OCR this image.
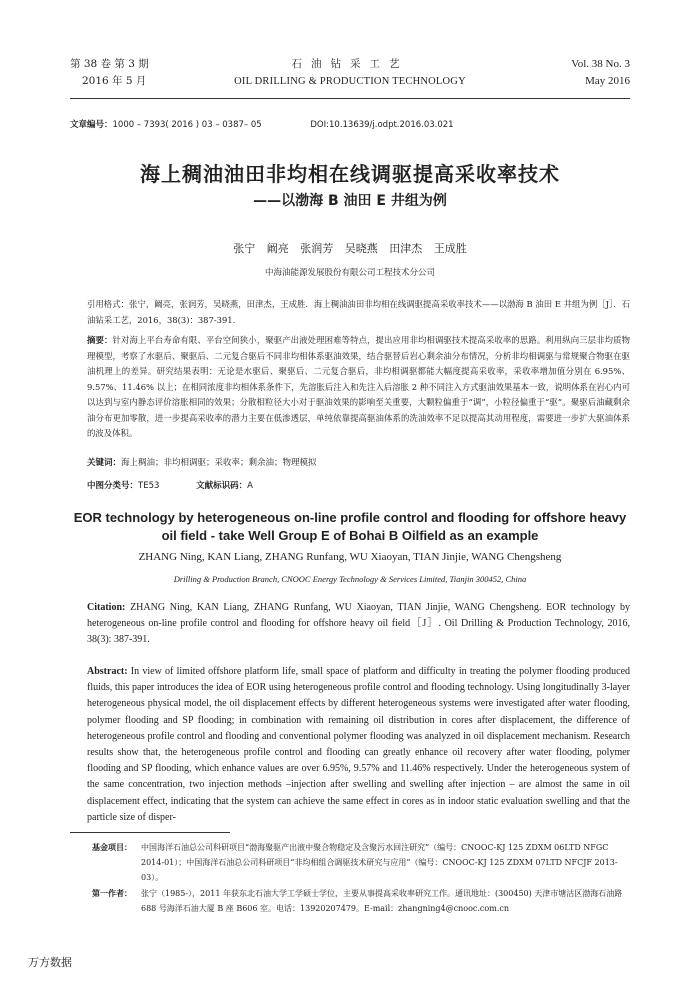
第 38 卷 第 3 期
2016 年 5 月
石油钻采工艺
OIL DRILLING & PRODUCTION TECHNOLOGY
Vol. 38 No. 3
May 2016
文章编号：1000 – 7393( 2016 ) 03 – 0387– 05	DOI:10.13639/j.odpt.2016.03.021
海上稠油油田非均相在线调驱提高采收率技术
——以渤海 B 油田 E 井组为例
张宁 阚亮 张润芳 吴晓燕 田津杰 王成胜
中海油能源发展股份有限公司工程技术分公司
引用格式：张宁，阚亮，张润芳，吴晓燕，田津杰，王成胜．海上稠油油田非均相在线调驱提高采收率技术——以渤海 B 油田 E 井组为例［J］．石油钻采工艺，2016，38(3)：387-391.
摘要：针对海上平台寿命有限、平台空间狭小，聚驱产出液处理困难等特点，提出应用非均相调驱技术提高采收率的思路。利用纵向三层非均质物理模型，考察了水驱后、聚驱后、二元复合驱后不同非均相体系驱油效果，结合驱替后岩心剩余油分布情况，分析非均相调驱与常规聚合物驱在驱油机理上的差异。研究结果表明：无论是水驱后、聚驱后、二元复合驱后，非均相调驱都能大幅度提高采收率，采收率增加值分别在 6.95%、9.57%、11.46% 以上；在相同浓度非均相体系条件下，先溶胀后注入和先注入后溶胀 2 种不同注入方式驱油效果基本一致，说明体系在岩心内可以达到与室内静态评价溶胀相同的效果；分散相粒径大小对于驱油效果的影响至关重要，大颗粒偏重于“调”，小粒径偏重于“驱”。聚驱后油藏剩余油分布更加零散，进一步提高采收率的潜力主要在低渗透层，单纯依靠提高驱油体系的洗油效率不足以提高其动用程度，需要进一步扩大驱油体系的波及体积。
关键词：海上稠油；非均相调驱；采收率；剩余油；物理模拟
中图分类号：TE53	文献标识码：A
EOR technology by heterogeneous on-line profile control and flooding for offshore heavy oil field - take Well Group E of Bohai B Oilfield as an example
ZHANG Ning, KAN Liang, ZHANG Runfang, WU Xiaoyan, TIAN Jinjie, WANG Chengsheng
Drilling & Production Branch, CNOOC Energy Technology & Services Limited, Tianjin 300452, China
Citation: ZHANG Ning, KAN Liang, ZHANG Runfang, WU Xiaoyan, TIAN Jinjie, WANG Chengsheng. EOR technology by heterogeneous on-line profile control and flooding for offshore heavy oil field［J］. Oil Drilling & Production Technology, 2016, 38(3): 387-391.
Abstract: In view of limited offshore platform life, small space of platform and difficulty in treating the polymer flooding produced fluids, this paper introduces the idea of EOR using heterogeneous profile control and flooding technology. Using longitudinally 3-layer heterogeneous physical model, the oil displacement effects by different heterogeneous systems were investigated after water flooding, polymer flooding and SP flooding; in combination with remaining oil distribution in cores after displacement, the difference of heterogeneous profile control and flooding and conventional polymer flooding was analyzed in oil displacement mechanism. Research results show that, the heterogeneous profile control and flooding can greatly enhance oil recovery after water flooding, polymer flooding and SP flooding, which enhance values are over 6.95%, 9.57% and 11.46% respectively. Under the heterogeneous system of the same concentration, two injection methods –injection after swelling and swelling after injection – are almost the same in oil displacement effect, indicating that the system can achieve the same effect in cores as in indoor static evaluation swelling and that the particle size of disper-
基金项目： 中国海洋石油总公司科研项目“渤海聚驱产出液中聚合物稳定及含聚污水回注研究”（编号：CNOOC-KJ 125 ZDXM 06LTD NFGC 2014-01）；中国海洋石油总公司科研项目“非均相组合调驱技术研究与应用”（编号：CNOOC-KJ 125 ZDXM 07LTD NFCJF 2013-03）。
第一作者： 张宁（1985-），2011 年获东北石油大学工学硕士学位，主要从事提高采收率研究工作。通讯地址：(300450) 天津市塘沽区渤海石油路 688 号海洋石油大厦 B 座 B606 室。电话：13920207479。E-mail：zhangning4@cnooc.com.cn
万方数据
